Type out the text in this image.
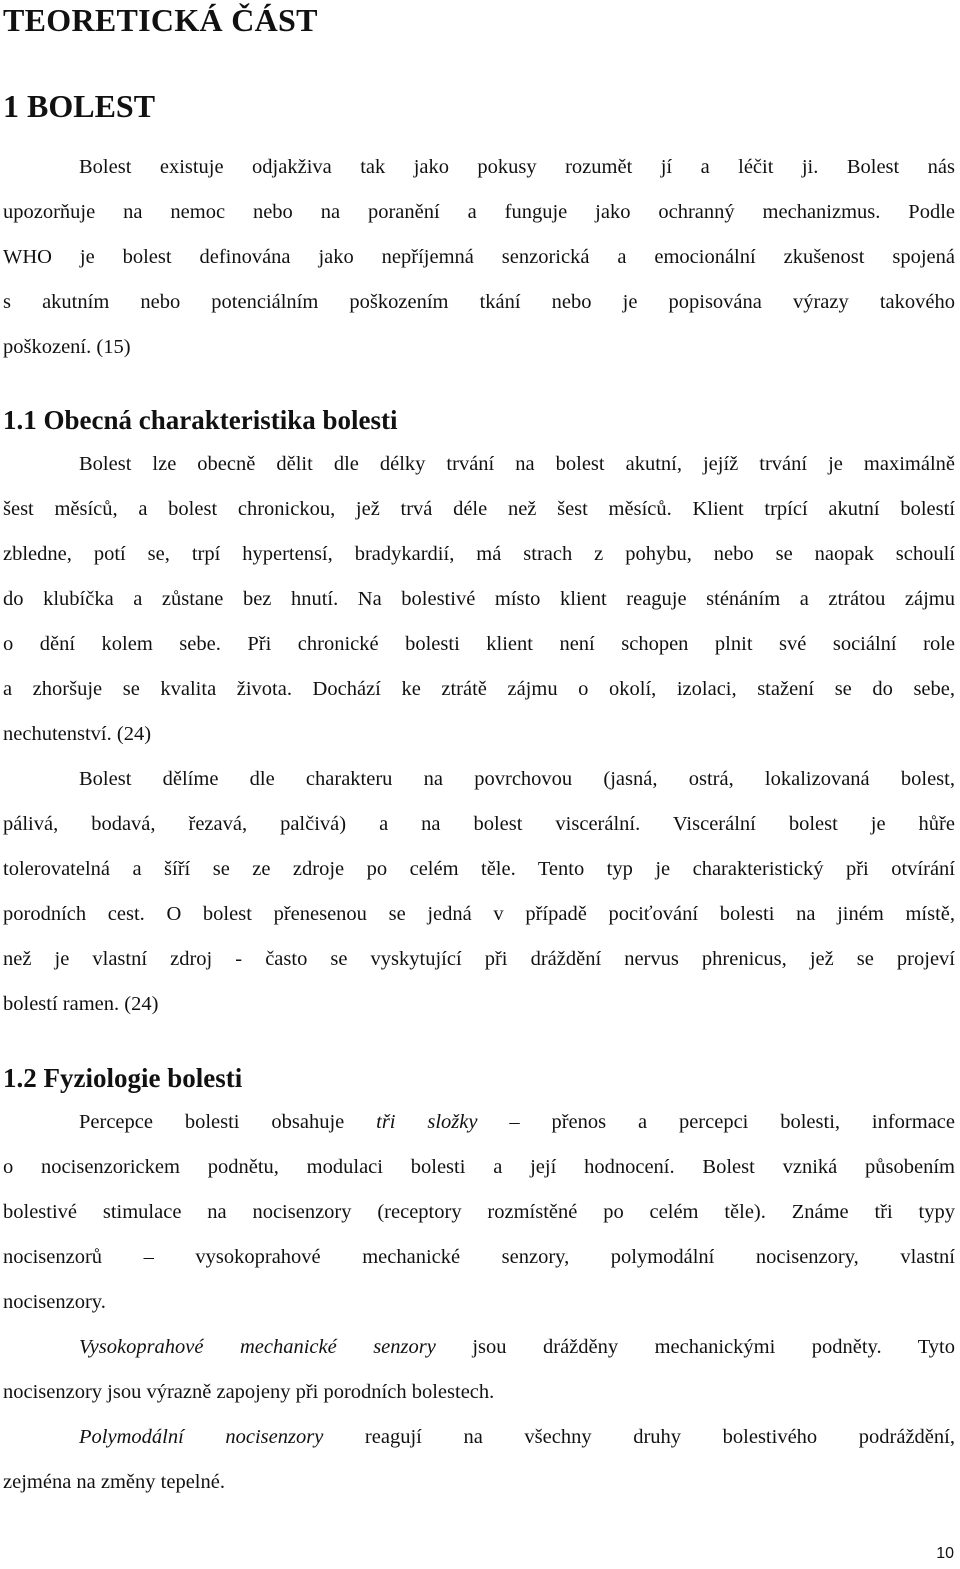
TEORETICKÁ ČÁST
1 BOLEST
Bolest existuje odjakživa tak jako pokusy rozumět jí a léčit ji. Bolest nás
upozorňuje na nemoc nebo na poranění a funguje jako ochranný mechanizmus. Podle
WHO je bolest definována jako nepříjemná senzorická a emocionální zkušenost spojená
s akutním nebo potenciálním poškozením tkání nebo je popisována výrazy takového
poškození. (15)
1.1 Obecná charakteristika bolesti
Bolest lze obecně dělit dle délky trvání na bolest akutní, jejíž trvání je maximálně
šest měsíců, a bolest chronickou, jež trvá déle než šest měsíců. Klient trpící akutní bolestí
zbledne, potí se, trpí hypertensí, bradykardií, má strach z pohybu, nebo se naopak schoulí
do klubíčka a zůstane bez hnutí. Na bolestivé místo klient reaguje sténáním a ztrátou zájmu
o dění kolem sebe. Při chronické bolesti klient není schopen plnit své sociální role
a zhoršuje se kvalita života. Dochází ke ztrátě zájmu o okolí, izolaci, stažení se do sebe,
nechutenství. (24)
Bolest dělíme dle charakteru na povrchovou (jasná, ostrá, lokalizovaná bolest,
pálivá, bodavá, řezavá, palčivá) a na bolest viscerální. Viscerální bolest je hůře
tolerovatelná a šíří se ze zdroje po celém těle. Tento typ je charakteristický při otvírání
porodních cest. O bolest přenesenou se jedná v případě pociťování bolesti na jiném místě,
než je vlastní zdroj - často se vyskytující při dráždění nervus phrenicus, jež se projeví
bolestí ramen. (24)
1.2 Fyziologie bolesti
Percepce bolesti obsahuje tři složky – přenos a percepci bolesti, informace
o nocisenzorickem podnětu, modulaci bolesti a její hodnocení. Bolest vzniká působením
bolestivé stimulace na nocisenzory (receptory rozmístěné po celém těle). Známe tři typy
nocisenzorů – vysokoprahové mechanické senzory, polymodální nocisenzory, vlastní
nocisenzory.
Vysokoprahové mechanické senzory jsou drážděny mechanickými podněty. Tyto
nocisenzory jsou výrazně zapojeny při porodních bolestech.
Polymodální nocisenzory reagují na všechny druhy bolestivého podráždění,
zejména na změny tepelné.
10
